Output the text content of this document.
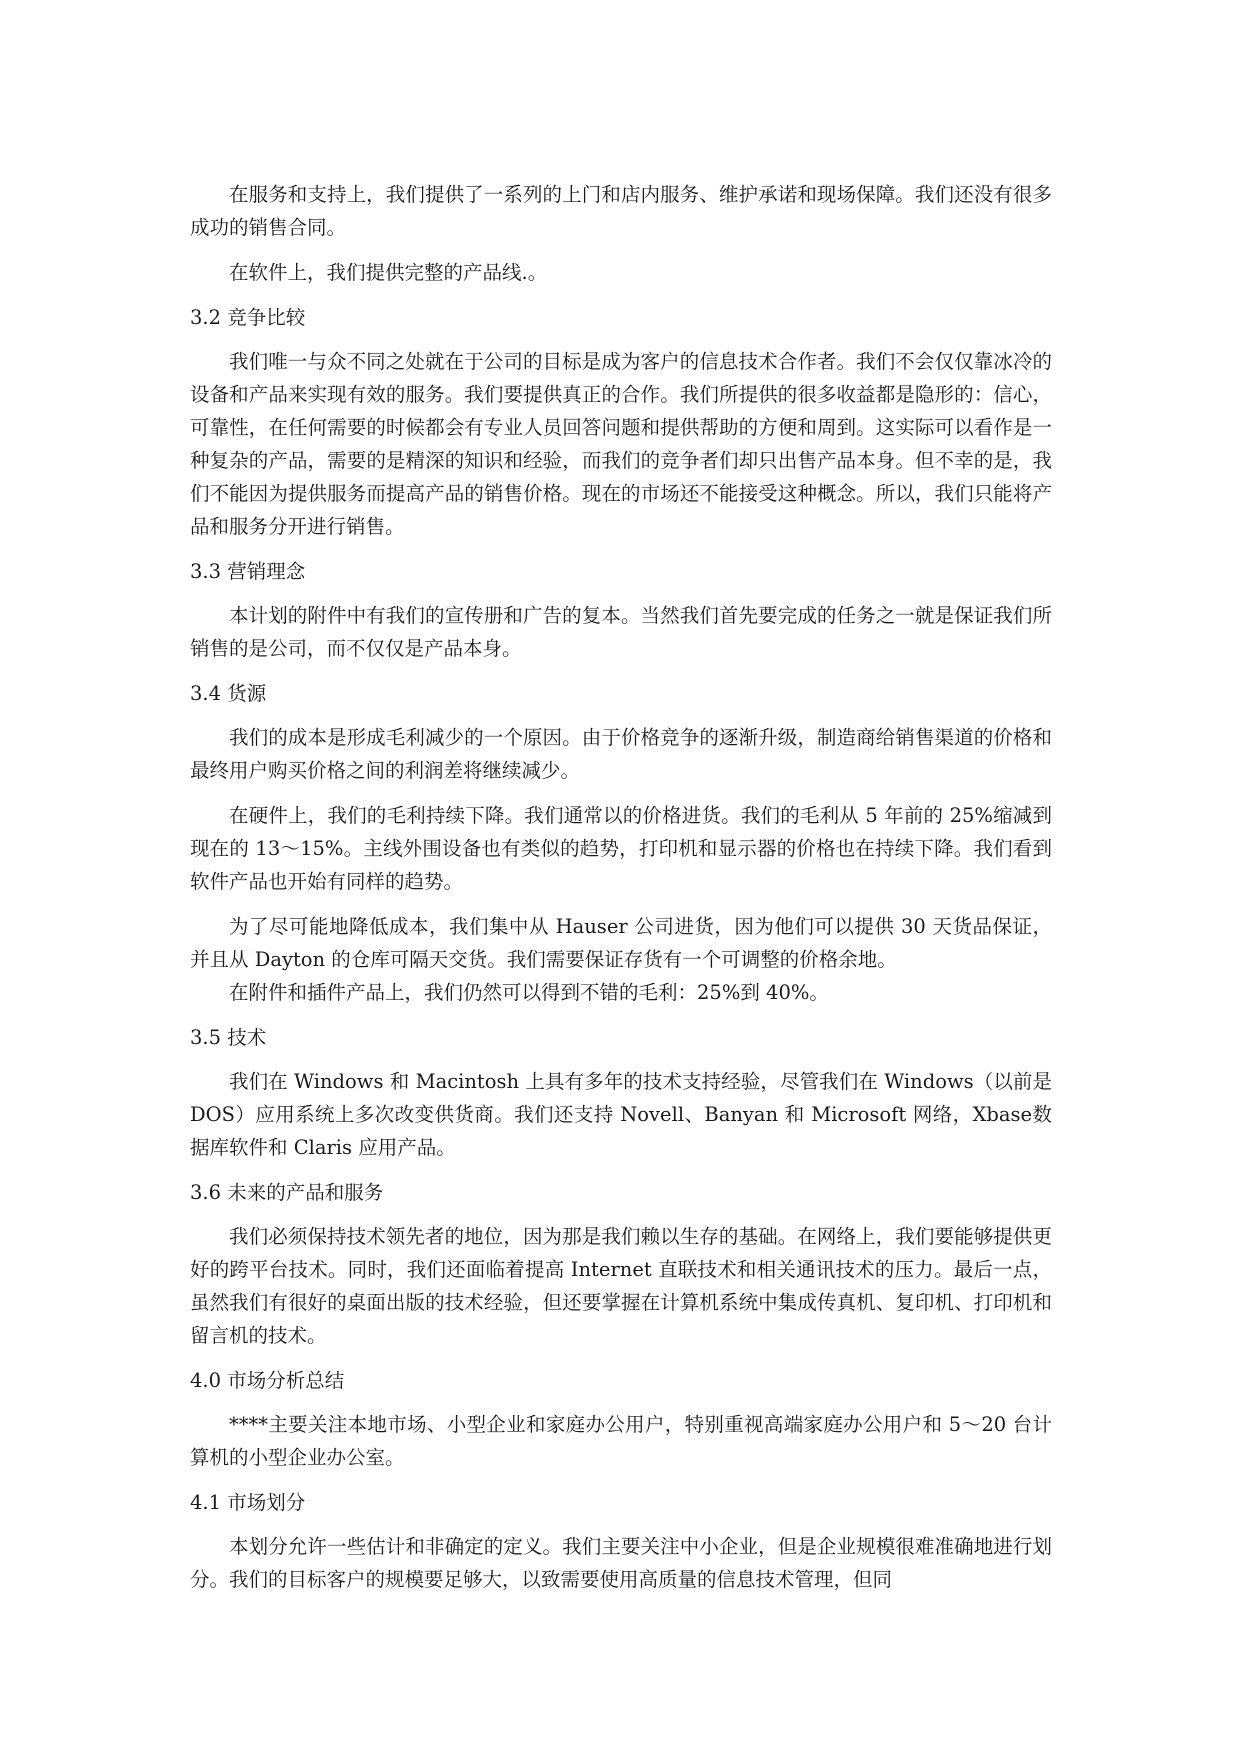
在服务和支持上，我们提供了一系列的上门和店内服务、维护承诺和现场保障。我们还没有很多成功的销售合同。

在软件上，我们提供完整的产品线.。

3.2 竞争比较

我们唯一与众不同之处就在于公司的目标是成为客户的信息技术合作者。我们不会仅仅靠冰冷的设备和产品来实现有效的服务。我们要提供真正的合作。我们所提供的很多收益都是隐形的：信心，可靠性，在任何需要的时候都会有专业人员回答问题和提供帮助的方便和周到。这实际可以看作是一种复杂的产品，需要的是精深的知识和经验，而我们的竞争者们却只出售产品本身。但不幸的是，我们不能因为提供服务而提高产品的销售价格。现在的市场还不能接受这种概念。所以，我们只能将产品和服务分开进行销售。

3.3 营销理念

本计划的附件中有我们的宣传册和广告的复本。当然我们首先要完成的任务之一就是保证我们所销售的是公司，而不仅仅是产品本身。

3.4 货源

我们的成本是形成毛利减少的一个原因。由于价格竞争的逐渐升级，制造商给销售渠道的价格和最终用户购买价格之间的利润差将继续减少。

在硬件上，我们的毛利持续下降。我们通常以的价格进货。我们的毛利从 5 年前的 25%缩减到现在的 13～15%。主线外围设备也有类似的趋势，打印机和显示器的价格也在持续下降。我们看到软件产品也开始有同样的趋势。

为了尽可能地降低成本，我们集中从 Hauser 公司进货，因为他们可以提供 30 天货品保证，并且从 Dayton 的仓库可隔天交货。我们需要保证存货有一个可调整的价格余地。

在附件和插件产品上，我们仍然可以得到不错的毛利：25%到 40%。

3.5 技术

我们在 Windows 和 Macintosh 上具有多年的技术支持经验，尽管我们在 Windows（以前是 DOS）应用系统上多次改变供货商。我们还支持 Novell、Banyan 和 Microsoft 网络，Xbase数据库软件和 Claris 应用产品。

3.6 未来的产品和服务

我们必须保持技术领先者的地位，因为那是我们赖以生存的基础。在网络上，我们要能够提供更好的跨平台技术。同时，我们还面临着提高 Internet 直联技术和相关通讯技术的压力。最后一点，虽然我们有很好的桌面出版的技术经验，但还要掌握在计算机系统中集成传真机、复印机、打印机和留言机的技术。

4.0 市场分析总结

****主要关注本地市场、小型企业和家庭办公用户，特别重视高端家庭办公用户和 5～20 台计算机的小型企业办公室。

4.1 市场划分

本划分允许一些估计和非确定的定义。我们主要关注中小企业，但是企业规模很难准确地进行划分。我们的目标客户的规模要足够大，以致需要使用高质量的信息技术管理，但同
